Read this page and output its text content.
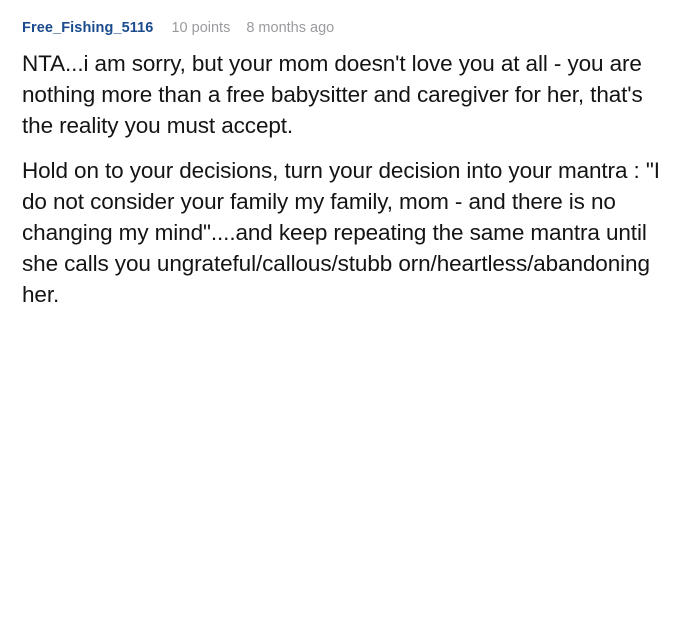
Free_Fishing_5116 10 points 8 months ago

NTA...i am sorry, but your mom doesn't love you at all - you are nothing more than a free babysitter and caregiver for her, that's the reality you must accept.

Hold on to your decisions, turn your decision into your mantra : "I do not consider your family my family, mom - and there is no changing my mind"....and keep repeating the same mantra until she calls you ungrateful/callous/stubb orn/heartless/abandoning her.
